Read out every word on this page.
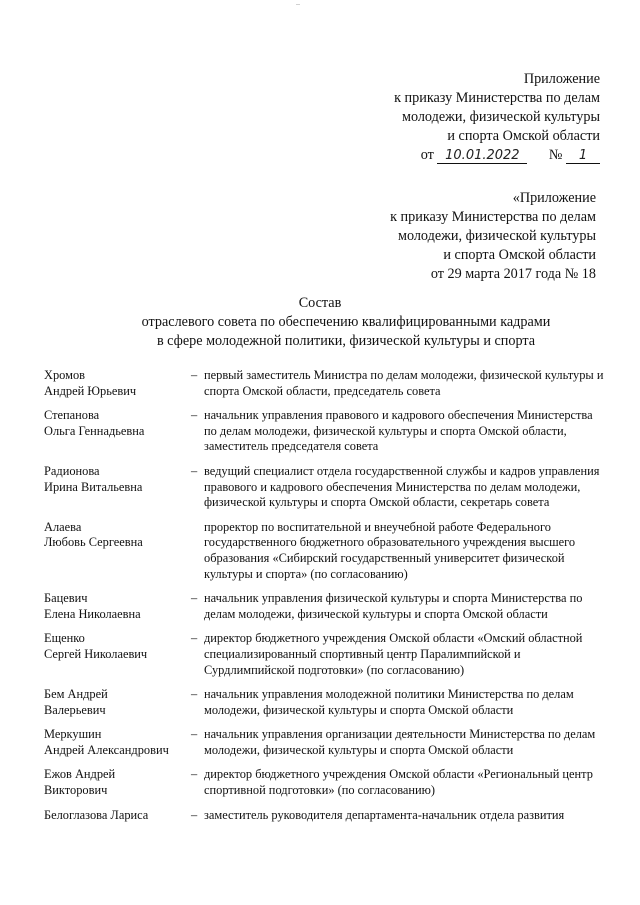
..
Приложение
к приказу Министерства по делам
молодежи, физической культуры
и спорта Омской области
от 10.01.2022 № 1
«Приложение
к приказу Министерства по делам
молодежи, физической культуры
и спорта Омской области
от 29 марта 2017 года № 18
Состав
отраслевого совета по обеспечению квалифицированными кадрами
в сфере молодежной политики, физической культуры и спорта
Хромов
Андрей Юрьевич
– первый заместитель Министра по делам молодежи, физической культуры и спорта Омской области, председатель совета
Степанова
Ольга Геннадьевна
– начальник управления правового и кадрового обеспечения Министерства по делам молодежи, физической культуры и спорта Омской области, заместитель председателя совета
Радионова
Ирина Витальевна
– ведущий специалист отдела государственной службы и кадров управления правового и кадрового обеспечения Министерства по делам молодежи, физической культуры и спорта Омской области, секретарь совета
Алаева
Любовь Сергеевна
проректор по воспитательной и внеучебной работе Федерального государственного бюджетного образовательного учреждения высшего образования «Сибирский государственный университет физической культуры и спорта» (по согласованию)
Бацевич
Елена Николаевна
– начальник управления физической культуры и спорта Министерства по делам молодежи, физической культуры и спорта Омской области
Ещенко
Сергей Николаевич
– директор бюджетного учреждения Омской области «Омский областной специализированный спортивный центр Паралимпийской и Сурдлимпийской подготовки» (по согласованию)
Бем Андрей
Валерьевич
– начальник управления молодежной политики Министерства по делам молодежи, физической культуры и спорта Омской области
Меркушин
Андрей Александрович
– начальник управления организации деятельности Министерства по делам молодежи, физической культуры и спорта Омской области
Ежов Андрей
Викторович
– директор бюджетного учреждения Омской области «Региональный центр спортивной подготовки» (по согласованию)
Белоглазова Лариса	– заместитель руководителя департамента-начальник отдела развития
